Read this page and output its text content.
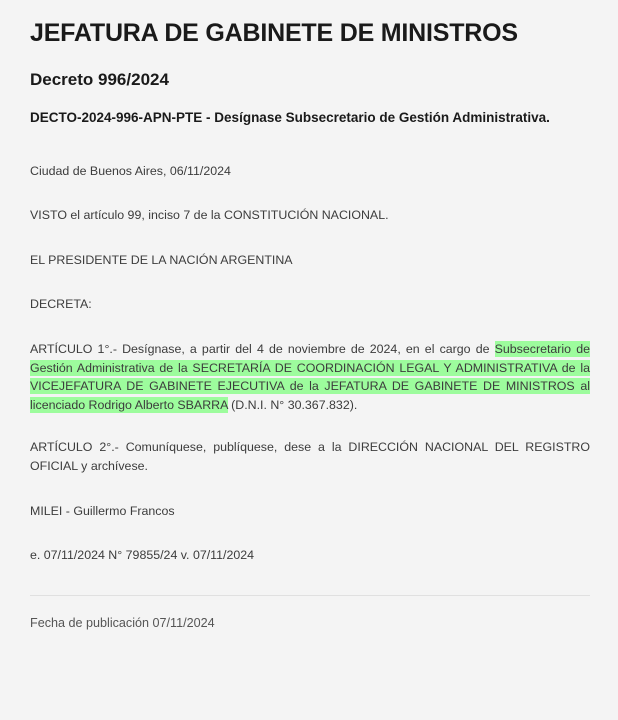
JEFATURA DE GABINETE DE MINISTROS
Decreto 996/2024

DECTO-2024-996-APN-PTE - Desígnase Subsecretario de Gestión Administrativa.

Ciudad de Buenos Aires, 06/11/2024

VISTO el artículo 99, inciso 7 de la CONSTITUCIÓN NACIONAL.

EL PRESIDENTE DE LA NACIÓN ARGENTINA

DECRETA:

ARTÍCULO 1°.- Desígnase, a partir del 4 de noviembre de 2024, en el cargo de Subsecretario de Gestión Administrativa de la SECRETARÍA DE COORDINACIÓN LEGAL Y ADMINISTRATIVA de la VICEJEFATURA DE GABINETE EJECUTIVA de la JEFATURA DE GABINETE DE MINISTROS al licenciado Rodrigo Alberto SBARRA (D.N.I. N° 30.367.832).

ARTÍCULO 2°.- Comuníquese, publíquese, dese a la DIRECCIÓN NACIONAL DEL REGISTRO OFICIAL y archívese.

MILEI - Guillermo Francos

e. 07/11/2024 N° 79855/24 v. 07/11/2024

Fecha de publicación 07/11/2024
